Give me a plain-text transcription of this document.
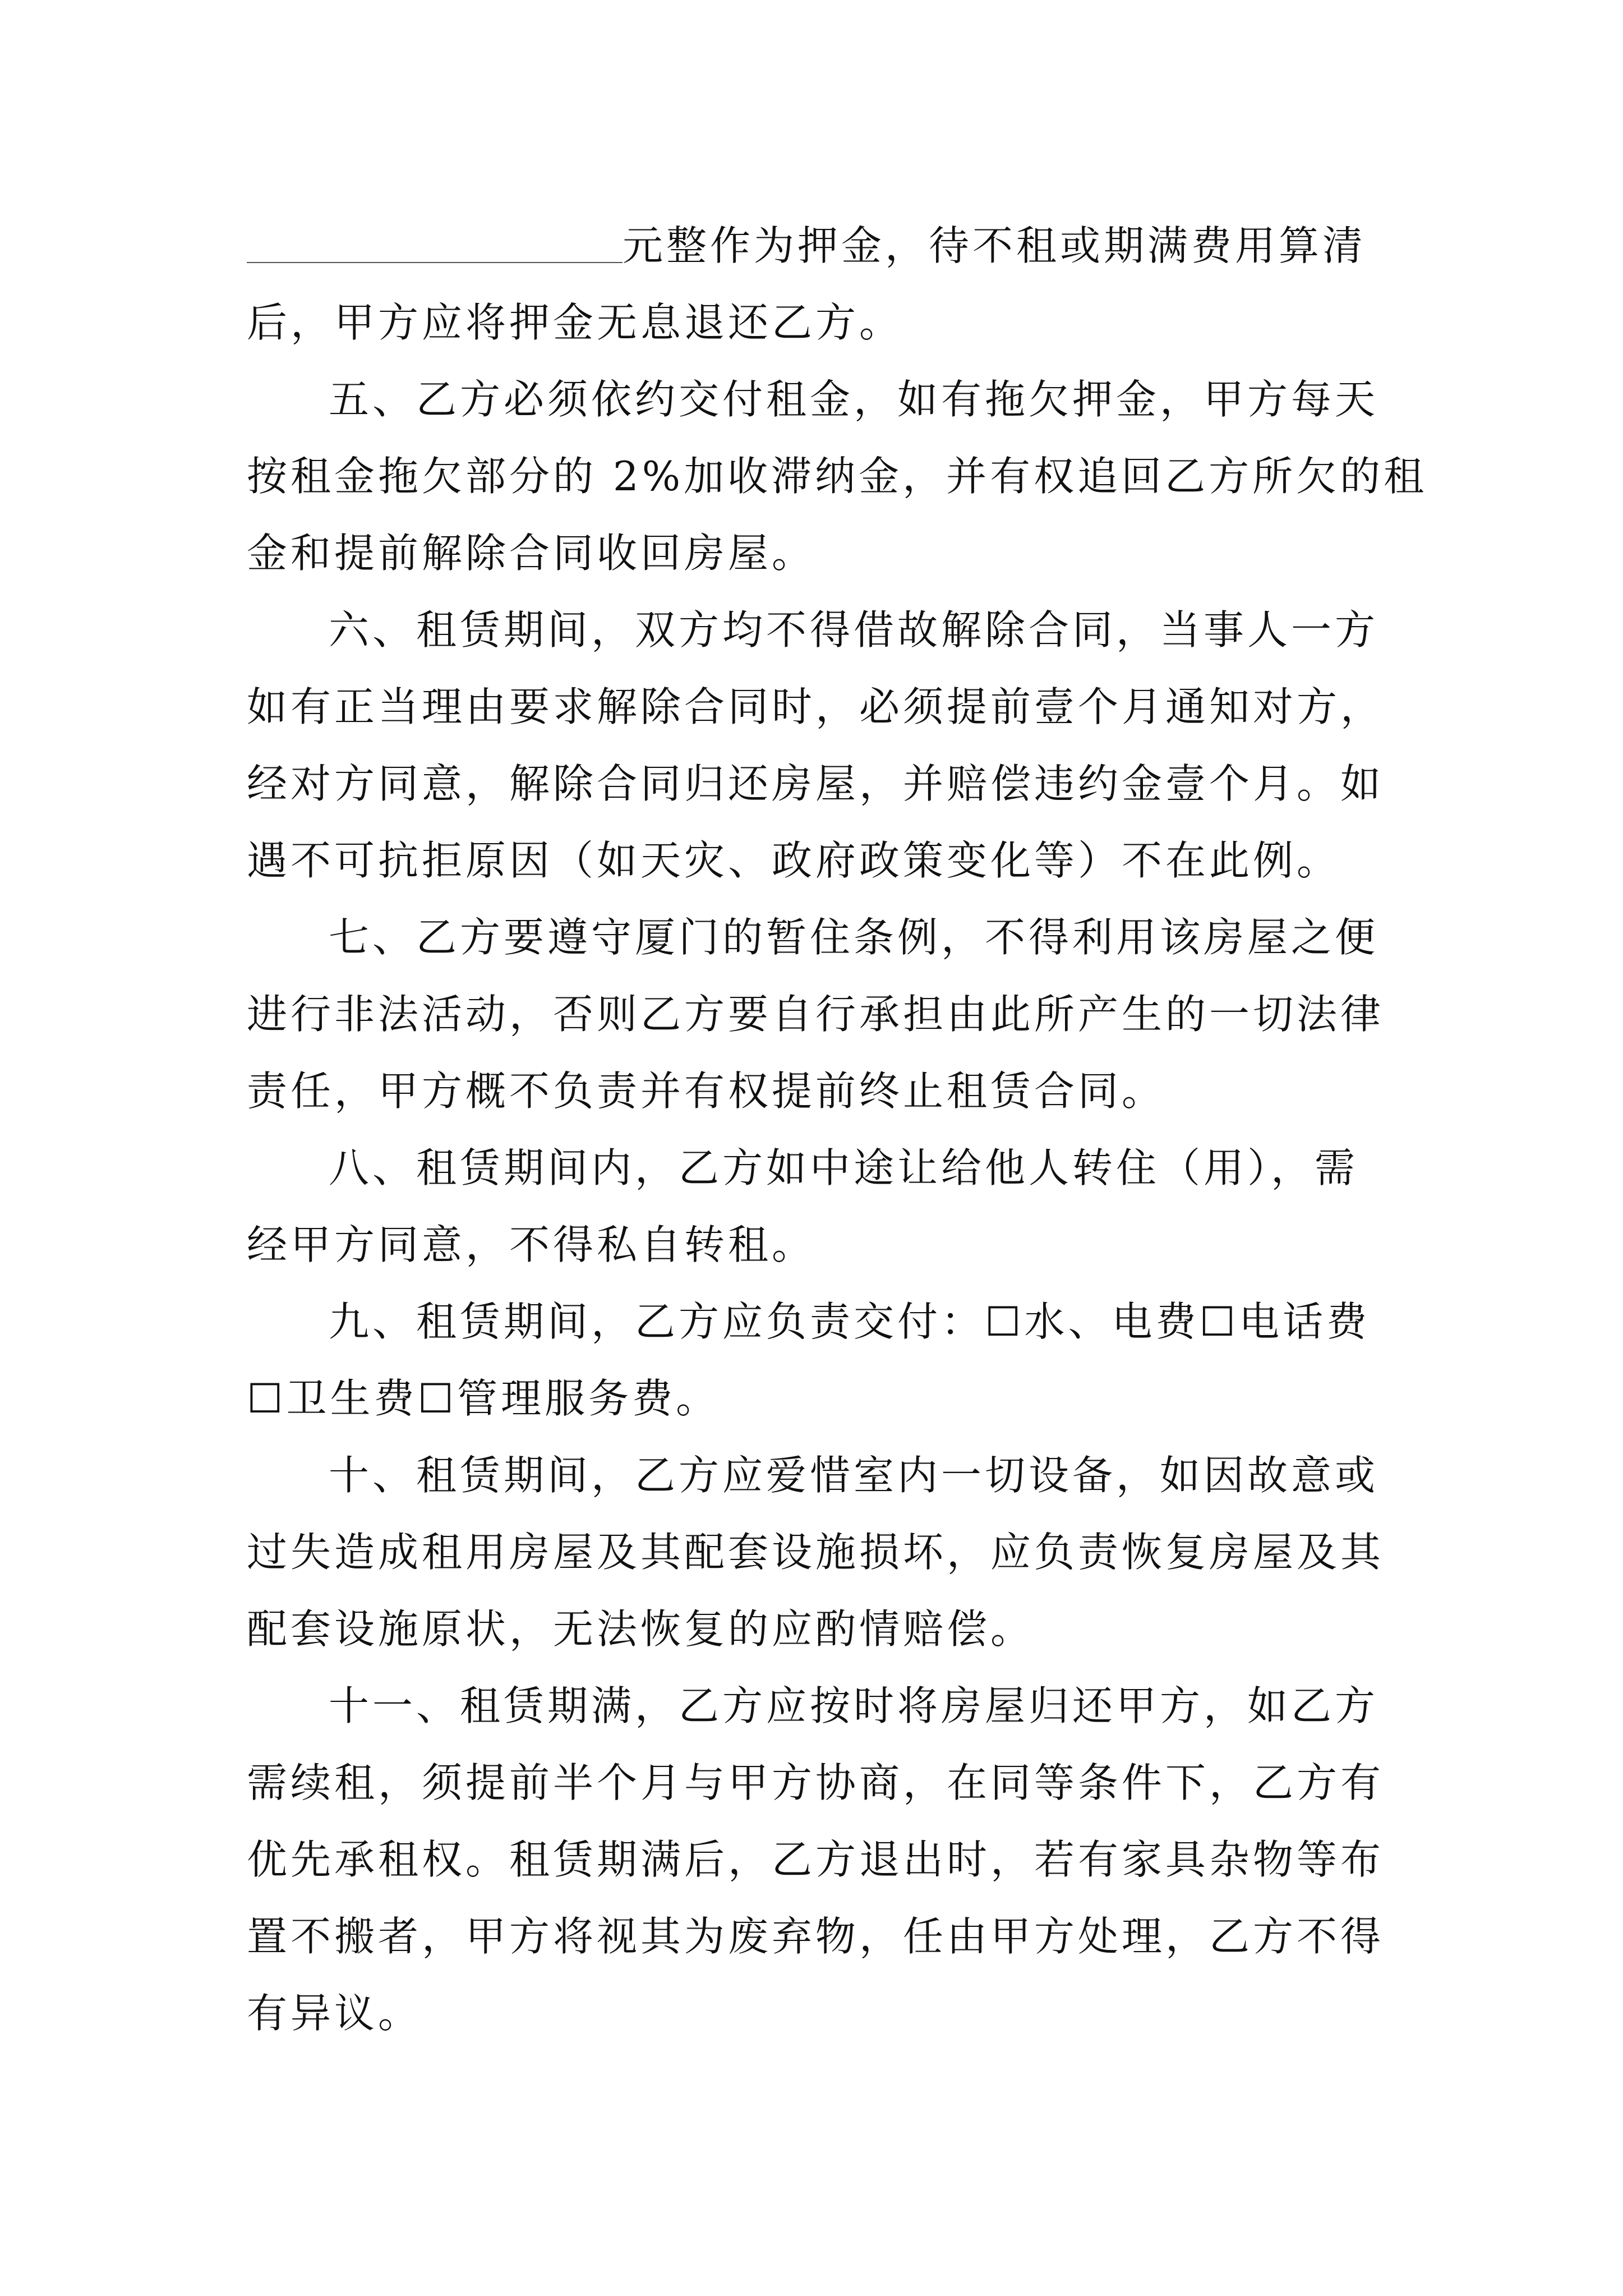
元整作为押金，待不租或期满费用算清
后，甲方应将押金无息退还乙方。
五、乙方必须依约交付租金，如有拖欠押金，甲方每天
按租金拖欠部分的 2%加收滞纳金，并有权追回乙方所欠的租
金和提前解除合同收回房屋。
六、租赁期间，双方均不得借故解除合同，当事人一方
如有正当理由要求解除合同时，必须提前壹个月通知对方，
经对方同意，解除合同归还房屋，并赔偿违约金壹个月。如
遇不可抗拒原因（如天灾、政府政策变化等）不在此例。
七、乙方要遵守厦门的暂住条例，不得利用该房屋之便
进行非法活动，否则乙方要自行承担由此所产生的一切法律
责任，甲方概不负责并有权提前终止租赁合同。
八、租赁期间内，乙方如中途让给他人转住（用），需
经甲方同意，不得私自转租。
九、租赁期间，乙方应负责交付：☐水、电费☐电话费
☐卫生费☐管理服务费。
十、租赁期间，乙方应爱惜室内一切设备，如因故意或
过失造成租用房屋及其配套设施损坏，应负责恢复房屋及其
配套设施原状，无法恢复的应酌情赔偿。
十一、租赁期满，乙方应按时将房屋归还甲方，如乙方
需续租，须提前半个月与甲方协商，在同等条件下，乙方有
优先承租权。租赁期满后，乙方退出时，若有家具杂物等布
置不搬者，甲方将视其为废弃物，任由甲方处理，乙方不得
有异议。
